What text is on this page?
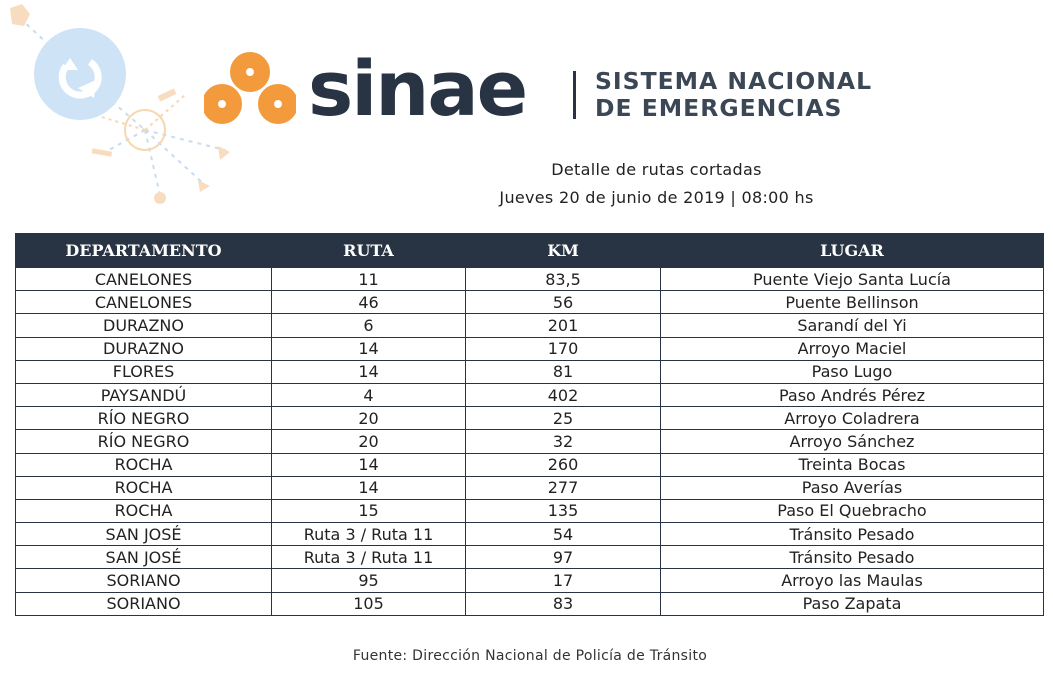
sinae	SISTEMA NACIONAL
DE EMERGENCIAS
Detalle de rutas cortadas
Jueves 20 de junio de 2019 | 08:00 hs
DEPARTAMENTO	RUTA	KM	LUGAR
CANELONES	11	83,5	Puente Viejo Santa Lucía
CANELONES	46	56	Puente Bellinson
DURAZNO	6	201	Sarandí del Yi
DURAZNO	14	170	Arroyo Maciel
FLORES	14	81	Paso Lugo
PAYSANDÚ	4	402	Paso Andrés Pérez
RÍO NEGRO	20	25	Arroyo Coladrera
RÍO NEGRO	20	32	Arroyo Sánchez
ROCHA	14	260	Treinta Bocas
ROCHA	14	277	Paso Averías
ROCHA	15	135	Paso El Quebracho
SAN JOSÉ	Ruta 3 / Ruta 11	54	Tránsito Pesado
SAN JOSÉ	Ruta 3 / Ruta 11	97	Tránsito Pesado
SORIANO	95	17	Arroyo las Maulas
SORIANO	105	83	Paso Zapata
Fuente: Dirección Nacional de Policía de Tránsito
